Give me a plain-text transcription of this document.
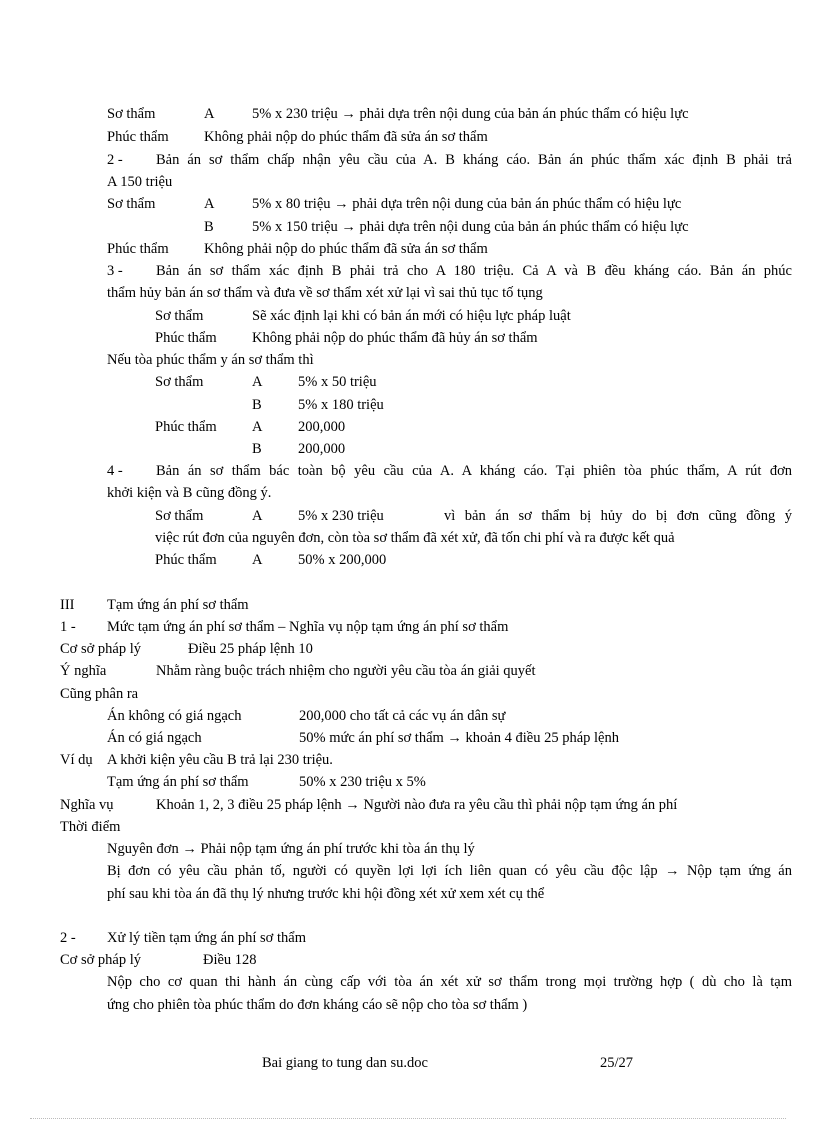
Sơ thẩm	A	5% x 230 triệu → phải dựa trên nội dung của bản án phúc thẩm có hiệu lực
Phúc thẩm Không phải nộp do phúc thẩm đã sửa án sơ thẩm
2 - Bản án sơ thẩm chấp nhận yêu cầu của A. B kháng cáo. Bản án phúc thẩm xác định B phải trả
A 150 triệu
Sơ thẩm	A	5% x 80 triệu → phải dựa trên nội dung của bản án phúc thẩm có hiệu lực
B	5% x 150 triệu → phải dựa trên nội dung của bản án phúc thẩm có hiệu lực
Phúc thẩm Không phải nộp do phúc thẩm đã sửa án sơ thẩm
3 - Bản án sơ thẩm xác định B phải trả cho A 180 triệu. Cả A và B đều kháng cáo. Bản án phúc
thẩm hủy bản án sơ thẩm và đưa về sơ thẩm xét xử lại vì sai thủ tục tố tụng
Sơ thẩm	Sẽ xác định lại khi có bản án mới có hiệu lực pháp luật
Phúc thẩm Không phải nộp do phúc thẩm đã hủy án sơ thẩm
Nếu tòa phúc thẩm y án sơ thẩm thì
Sơ thẩm	A 5% x 50 triệu
B	5% x 180 triệu
Phúc thẩm A 200,000
B	200,000
4 - Bản án sơ thẩm bác toàn bộ yêu cầu của A. A kháng cáo. Tại phiên tòa phúc thẩm, A rút đơn
khởi kiện và B cũng đồng ý.
Sơ thẩm	A 5% x 230 triệu	vì bản án sơ thẩm bị hủy do bị đơn cũng đồng ý
việc rút đơn của nguyên đơn, còn tòa sơ thẩm đã xét xử, đã tốn chi phí và ra được kết quả
Phúc thẩm A 50% x 200,000
III Tạm ứng án phí sơ thẩm
1 - Mức tạm ứng án phí sơ thẩm – Nghĩa vụ nộp tạm ứng án phí sơ thẩm
Cơ sở pháp lý	Điều 25 pháp lệnh 10
Ý nghĩa	Nhằm ràng buộc trách nhiệm cho người yêu cầu tòa án giải quyết
Cũng phân ra
Án không có giá ngạch	200,000 cho tất cả các vụ án dân sự
Án có giá ngạch	50% mức án phí sơ thẩm → khoản 4 điều 25 pháp lệnh
Ví dụ A khởi kiện yêu cầu B trả lại 230 triệu.
Tạm ứng án phí sơ thẩm	50% x 230 triệu x 5%
Nghĩa vụ	Khoản 1, 2, 3 điều 25 pháp lệnh → Người nào đưa ra yêu cầu thì phải nộp tạm ứng án phí
Thời điểm
Nguyên đơn → Phải nộp tạm ứng án phí trước khi tòa án thụ lý
Bị đơn có yêu cầu phản tố, người có quyền lợi lợi ích liên quan có yêu cầu độc lập → Nộp tạm ứng án
phí sau khi tòa án đã thụ lý nhưng trước khi hội đồng xét xử xem xét cụ thể
2 - Xử lý tiền tạm ứng án phí sơ thẩm
Cơ sở pháp lý	Điều 128
Nộp cho cơ quan thi hành án cùng cấp với tòa án xét xử sơ thẩm trong mọi trường hợp ( dù cho là tạm
ứng cho phiên tòa phúc thẩm do đơn kháng cáo sẽ nộp cho tòa sơ thẩm )
Bai giang to tung dan su.doc	25/27
